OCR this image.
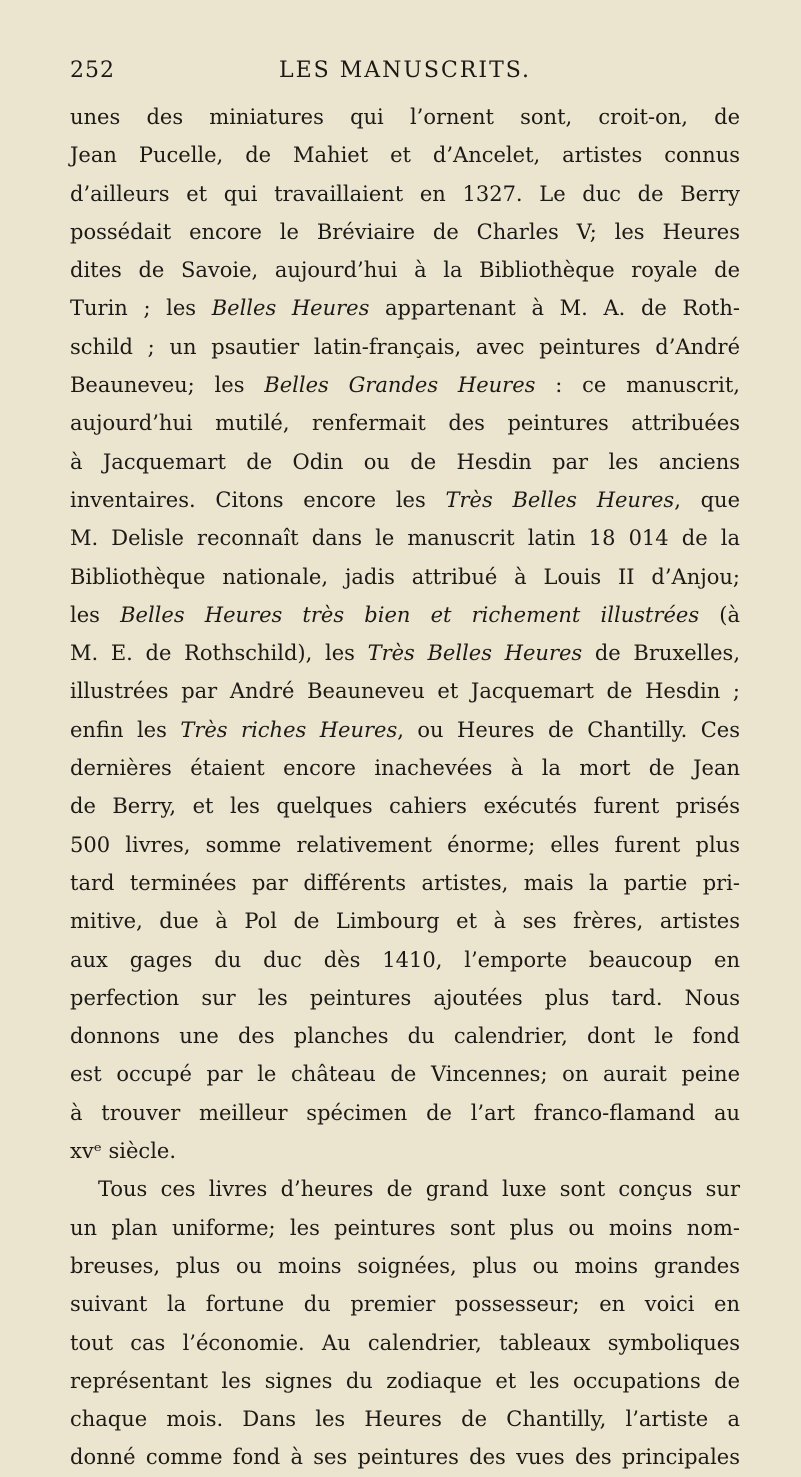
252	LES MANUSCRITS.
unes des miniatures qui l’ornent sont, croit-on, de
Jean Pucelle, de Mahiet et d’Ancelet, artistes connus
d’ailleurs et qui travaillaient en 1327. Le duc de Berry
possédait encore le Bréviaire de Charles V; les Heures
dites de Savoie, aujourd’hui à la Bibliothèque royale de
Turin ; les Belles Heures appartenant à M. A. de Roth-
schild ; un psautier latin-français, avec peintures d’André
Beauneveu; les Belles Grandes Heures : ce manuscrit,
aujourd’hui mutilé, renfermait des peintures attribuées
à Jacquemart de Odin ou de Hesdin par les anciens
inventaires. Citons encore les Très Belles Heures, que
M. Delisle reconnaît dans le manuscrit latin 18 014 de la
Bibliothèque nationale, jadis attribué à Louis II d’Anjou;
les Belles Heures très bien et richement illustrées (à
M. E. de Rothschild), les Très Belles Heures de Bruxelles,
illustrées par André Beauneveu et Jacquemart de Hesdin ;
enfin les Très riches Heures, ou Heures de Chantilly. Ces
dernières étaient encore inachevées à la mort de Jean
de Berry, et les quelques cahiers exécutés furent prisés
500 livres, somme relativement énorme; elles furent plus
tard terminées par différents artistes, mais la partie pri-
mitive, due à Pol de Limbourg et à ses frères, artistes
aux gages du duc dès 1410, l’emporte beaucoup en
perfection sur les peintures ajoutées plus tard. Nous
donnons une des planches du calendrier, dont le fond
est occupé par le château de Vincennes; on aurait peine
à trouver meilleur spécimen de l’art franco-flamand au
xvᵉ siècle.
Tous ces livres d’heures de grand luxe sont conçus sur
un plan uniforme; les peintures sont plus ou moins nom-
breuses, plus ou moins soignées, plus ou moins grandes
suivant la fortune du premier possesseur; en voici en
tout cas l’économie. Au calendrier, tableaux symboliques
représentant les signes du zodiaque et les occupations de
chaque mois. Dans les Heures de Chantilly, l’artiste a
donné comme fond à ses peintures des vues des principales
